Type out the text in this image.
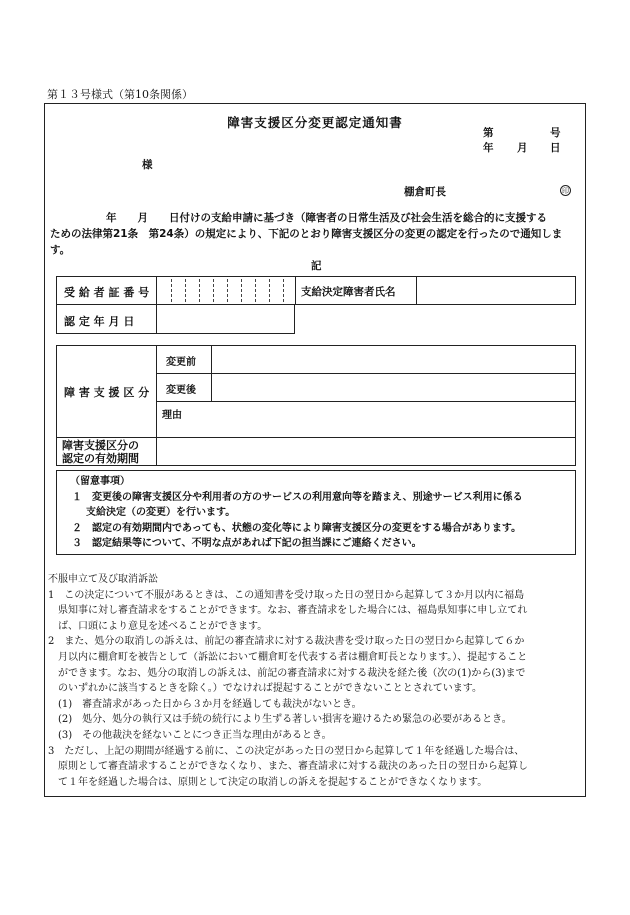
第１３号様式（第10条関係）
障害支援区分変更認定通知書
第	号
年 月 日
様
棚倉町長	印

年　　月　　日付けの支給申請に基づき（障害者の日常生活及び社会生活を総合的に支援する

ための法律第21条　第24条）の規定により、下記のとおり障害支援区分の変更の認定を行ったので通知しま

す。

記
受 給 者 証 番 号	支給決定障害者氏名
認 定 年 月 日
障 害 支 援 区 分
変更前
変更後
理由
障害支援区分の
認定の有効期間

（留意事項）

１　変更後の障害支援区分や利用者の方のサービスの利用意向等を踏まえ、別途サービス利用に係る

支給決定（の変更）を行います。

２　認定の有効期間内であっても、状態の変化等により障害支援区分の変更をする場合があります。

３　認定結果等について、不明な点があれば下記の担当課にご連絡ください。

不服申立て及び取消訴訟

1　この決定について不服があるときは、この通知書を受け取った日の翌日から起算して３か月以内に福島

　県知事に対し審査請求をすることができます。なお、審査請求をした場合には、福島県知事に申し立てれ

　ば、口頭により意見を述べることができます。

2　また、処分の取消しの訴えは、前記の審査請求に対する裁決書を受け取った日の翌日から起算して６か

　月以内に棚倉町を被告として（訴訟において棚倉町を代表する者は棚倉町長となります。）、提起すること

　ができます。なお、処分の取消しの訴えは、前記の審査請求に対する裁決を経た後（次の(1)から(3)まで

　のいずれかに該当するときを除く。）でなければ提起することができないこととされています。

　(1)　審査請求があった日から３か月を経過しても裁決がないとき。

　(2)　処分、処分の執行又は手続の続行により生ずる著しい損害を避けるため緊急の必要があるとき。

　(3)　その他裁決を経ないことにつき正当な理由があるとき。

3　ただし、上記の期間が経過する前に、この決定があった日の翌日から起算して１年を経過した場合は、

　原則として審査請求することができなくなり、また、審査請求に対する裁決のあった日の翌日から起算し

　て１年を経過した場合は、原則として決定の取消しの訴えを提起することができなくなります。
